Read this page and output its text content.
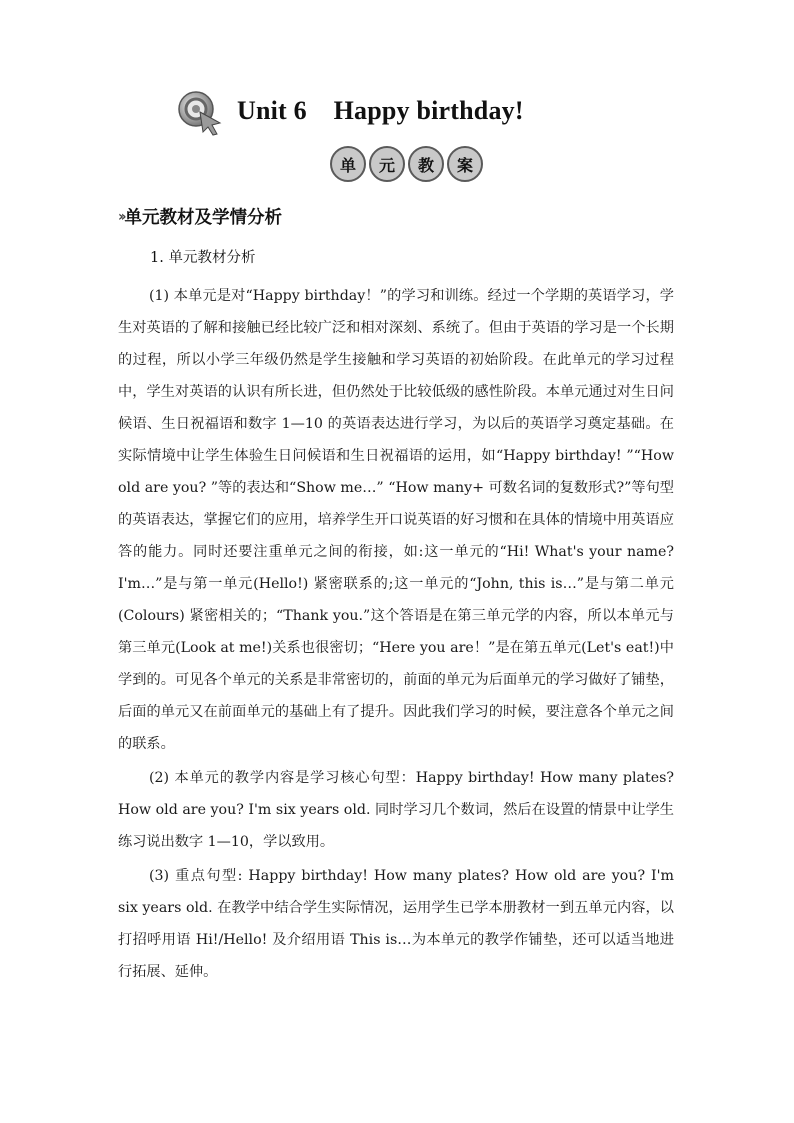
Unit 6    Happy birthday!
单	元	教	案
›› 单元教材及学情分析
1. 单元教材分析

(1) 本单元是对“Happy birthday！”的学习和训练。经过一个学期的英语学习，学生对英语的了解和接触已经比较广泛和相对深刻、系统了。但由于英语的学习是一个长期的过程，所以小学三年级仍然是学生接触和学习英语的初始阶段。在此单元的学习过程中，学生对英语的认识有所长进，但仍然处于比较低级的感性阶段。本单元通过对生日问候语、生日祝福语和数字 1—10 的英语表达进行学习，为以后的英语学习奠定基础。在实际情境中让学生体验生日问候语和生日祝福语的运用，如“Happy birthday! ”“How old are you? ”等的表达和“Show me…” “How many+ 可数名词的复数形式?”等句型的英语表达，掌握它们的应用，培养学生开口说英语的好习惯和在具体的情境中用英语应答的能力。同时还要注重单元之间的衔接，如:这一单元的“Hi! What's your name? I'm…”是与第一单元(Hello!) 紧密联系的;这一单元的“John, this is…”是与第二单元(Colours) 紧密相关的；“Thank you.”这个答语是在第三单元学的内容，所以本单元与第三单元(Look at me!)关系也很密切；“Here you are！”是在第五单元(Let's eat!)中学到的。可见各个单元的关系是非常密切的，前面的单元为后面单元的学习做好了铺垫，后面的单元又在前面单元的基础上有了提升。因此我们学习的时候，要注意各个单元之间的联系。

(2) 本单元的教学内容是学习核心句型：Happy birthday! How many plates? How old are you? I'm six years old. 同时学习几个数词，然后在设置的情景中让学生练习说出数字 1—10，学以致用。

(3) 重点句型: Happy birthday! How many plates? How old are you? I'm six years old. 在教学中结合学生实际情况，运用学生已学本册教材一到五单元内容，以打招呼用语 Hi!/Hello! 及介绍用语 This is…为本单元的教学作铺垫，还可以适当地进行拓展、延伸。
